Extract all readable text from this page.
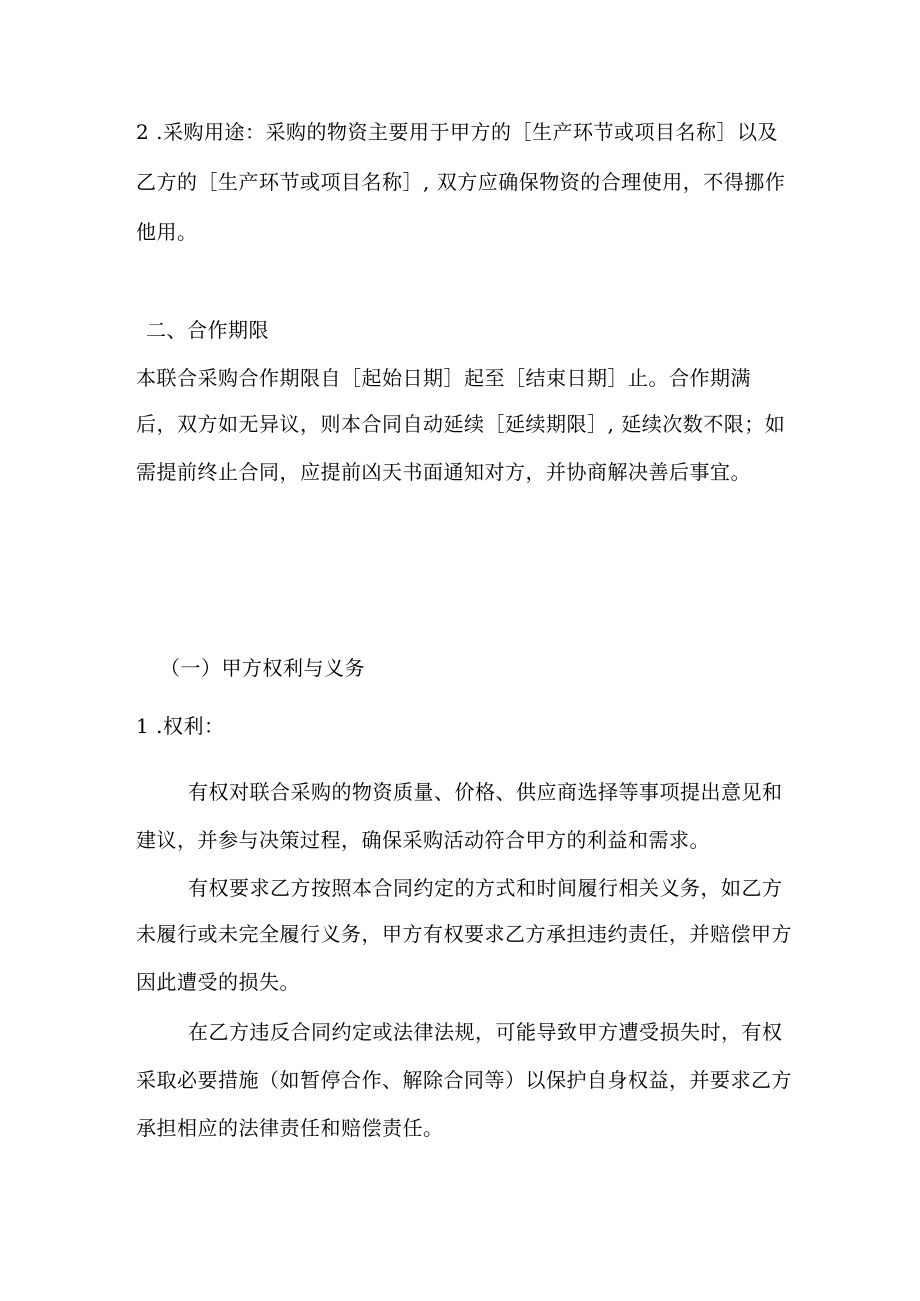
2 .采购用途：采购的物资主要用于甲方的［生产环节或项目名称］以及
乙方的［生产环节或项目名称］, 双方应确保物资的合理使用，不得挪作
他用。
二、合作期限
本联合采购合作期限自［起始日期］起至［结束日期］止。合作期满
后，双方如无异议，则本合同自动延续［延续期限］, 延续次数不限；如
需提前终止合同，应提前凶天书面通知对方，并协商解决善后事宜。
（一）甲方权利与义务
1 .权利：
有权对联合采购的物资质量、价格、供应商选择等事项提出意见和
建议，并参与决策过程，确保采购活动符合甲方的利益和需求。
有权要求乙方按照本合同约定的方式和时间履行相关义务，如乙方
未履行或未完全履行义务，甲方有权要求乙方承担违约责任，并赔偿甲方
因此遭受的损失。
在乙方违反合同约定或法律法规，可能导致甲方遭受损失时，有权
采取必要措施（如暂停合作、解除合同等）以保护自身权益，并要求乙方
承担相应的法律责任和赔偿责任。
